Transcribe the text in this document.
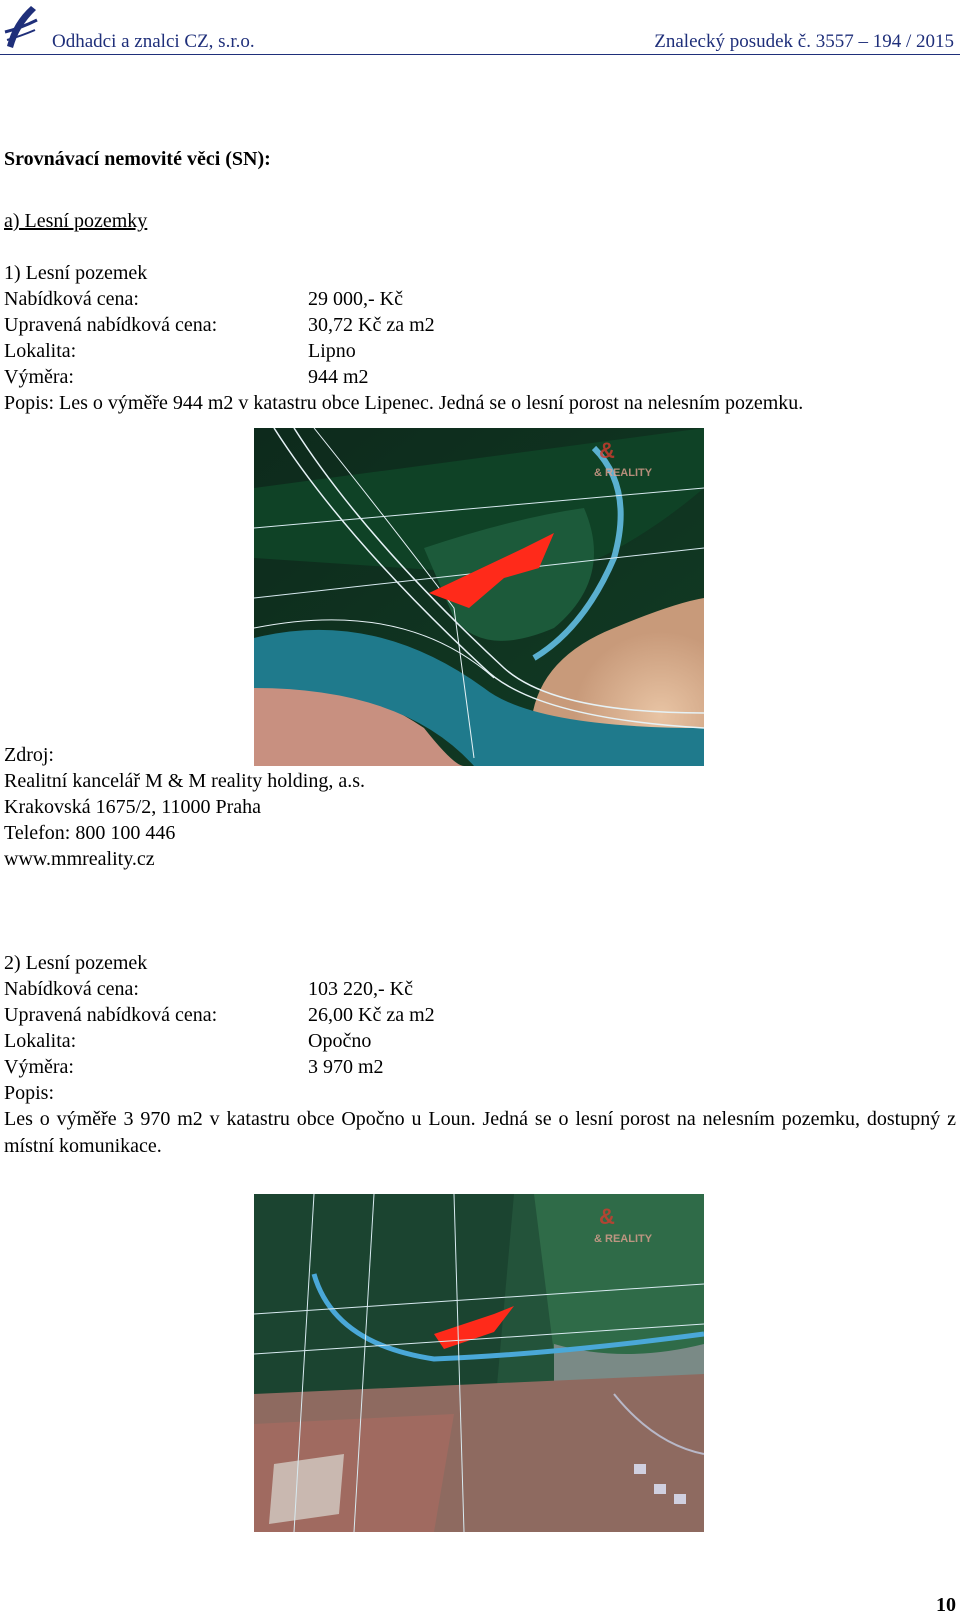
Odhadci a znalci CZ, s.r.o.	Znalecký posudek č. 3557 – 194 / 2015
Srovnávací nemovité věci (SN):
a) Lesní pozemky
1) Lesní pozemek
Nabídková cena:	29 000,- Kč
Upravená nabídková cena:	30,72 Kč za m2
Lokalita:	Lipno
Výměra:	944 m2
Popis: Les o výměře 944 m2 v katastru obce Lipenec. Jedná se o lesní porost na nelesním pozemku.
Zdroj:
Realitní kancelář M & M reality holding, a.s.
Krakovská 1675/2, 11000 Praha
Telefon: 800 100 446
www.mmreality.cz
2) Lesní pozemek
Nabídková cena:	103 220,- Kč
Upravená nabídková cena:	26,00 Kč za m2
Lokalita:	Opočno
Výměra:	3 970 m2
Popis:
Les o výměře 3 970 m2 v katastru obce Opočno u Loun. Jedná se o lesní porost na nelesním pozemku, dostupný z místní komunikace.
&
& REALITY
&
& REALITY
10
